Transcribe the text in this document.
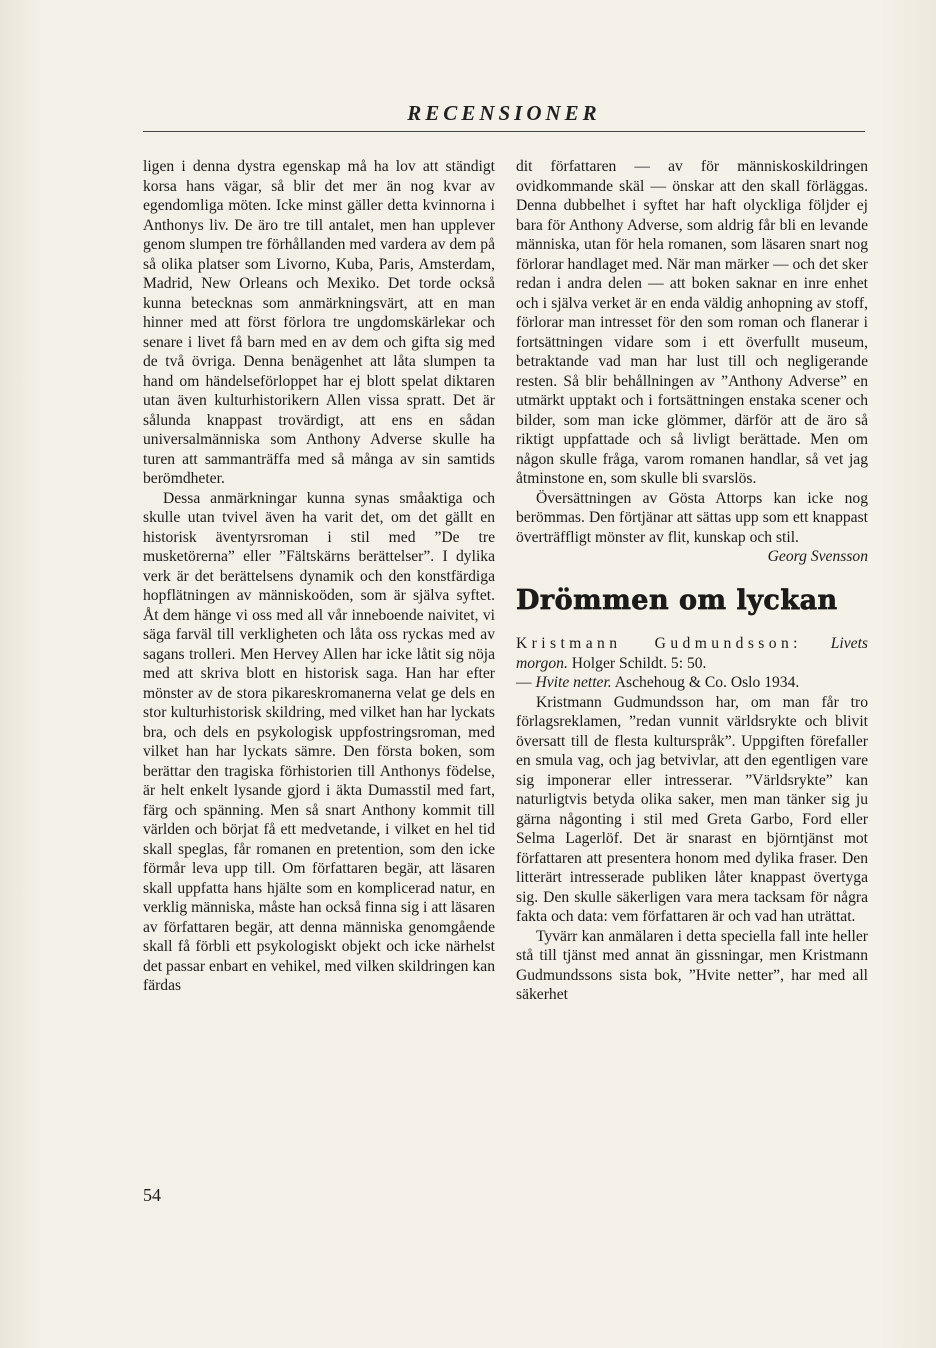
RECENSIONER

ligen i denna dystra egenskap må ha lov att ständigt korsa hans vägar, så blir det mer än nog kvar av egendomliga möten. Icke minst gäller detta kvinnorna i Anthonys liv. De äro tre till antalet, men han upplever genom slumpen tre förhållanden med vardera av dem på så olika platser som Livorno, Kuba, Paris, Amsterdam, Madrid, New Orleans och Mexiko. Det torde också kunna betecknas som anmärkningsvärt, att en man hinner med att först förlora tre ungdomskärlekar och senare i livet få barn med en av dem och gifta sig med de två övriga. Denna benägenhet att låta slumpen ta hand om händelseförloppet har ej blott spelat diktaren utan även kulturhistorikern Allen vissa spratt. Det är sålunda knappast trovärdigt, att ens en sådan universalmänniska som Anthony Adverse skulle ha turen att sammanträffa med så många av sin samtids berömdheter.

Dessa anmärkningar kunna synas småaktiga och skulle utan tvivel även ha varit det, om det gällt en historisk äventyrsroman i stil med ”De tre musketörerna” eller ”Fältskärns berättelser”. I dylika verk är det berättelsens dynamik och den konstfärdiga hopflätningen av människoöden, som är själva syftet. Åt dem hänge vi oss med all vår inneboende naivitet, vi säga farväl till verkligheten och låta oss ryckas med av sagans trolleri. Men Hervey Allen har icke låtit sig nöja med att skriva blott en historisk saga. Han har efter mönster av de stora pikareskromanerna velat ge dels en stor kulturhistorisk skildring, med vilket han har lyckats bra, och dels en psykologisk uppfostringsroman, med vilket han har lyckats sämre. Den första boken, som berättar den tragiska förhistorien till Anthonys födelse, är helt enkelt lysande gjord i äkta Dumasstil med fart, färg och spänning. Men så snart Anthony kommit till världen och börjat få ett medvetande, i vilket en hel tid skall speglas, får romanen en pretention, som den icke förmår leva upp till. Om författaren begär, att läsaren skall uppfatta hans hjälte som en komplicerad natur, en verklig människa, måste han också finna sig i att läsaren av författaren begär, att denna människa genomgående skall få förbli ett psykologiskt objekt och icke närhelst det passar enbart en vehikel, med vilken skildringen kan färdas

dit författaren — av för människoskildringen ovidkommande skäl — önskar att den skall förläggas. Denna dubbelhet i syftet har haft olyckliga följder ej bara för Anthony Adverse, som aldrig får bli en levande människa, utan för hela romanen, som läsaren snart nog förlorar handlaget med. När man märker — och det sker redan i andra delen — att boken saknar en inre enhet och i själva verket är en enda väldig anhopning av stoff, förlorar man intresset för den som roman och flanerar i fortsättningen vidare som i ett överfullt museum, betraktande vad man har lust till och negligerande resten. Så blir behållningen av ”Anthony Adverse” en utmärkt upptakt och i fortsättningen enstaka scener och bilder, som man icke glömmer, därför att de äro så riktigt uppfattade och så livligt berättade. Men om någon skulle fråga, varom romanen handlar, så vet jag åtminstone en, som skulle bli svarslös.

Översättningen av Gösta Attorps kan icke nog berömmas. Den förtjänar att sättas upp som ett knappast överträffligt mönster av flit, kunskap och stil.
Georg Svensson

Drömmen om lyckan

Kristmann Gudmundsson: Livets morgon. Holger Schildt. 5: 50.
— Hvite netter. Aschehoug & Co. Oslo 1934.

Kristmann Gudmundsson har, om man får tro förlagsreklamen, ”redan vunnit världsrykte och blivit översatt till de flesta kulturspråk”. Uppgiften förefaller en smula vag, och jag betvivlar, att den egentligen vare sig imponerar eller intresserar. ”Världsrykte” kan naturligtvis betyda olika saker, men man tänker sig ju gärna någonting i stil med Greta Garbo, Ford eller Selma Lagerlöf. Det är snarast en björntjänst mot författaren att presentera honom med dylika fraser. Den litterärt intresserade publiken låter knappast övertyga sig. Den skulle säkerligen vara mera tacksam för några fakta och data: vem författaren är och vad han uträttat.

Tyvärr kan anmälaren i detta speciella fall inte heller stå till tjänst med annat än gissningar, men Kristmann Gudmundssons sista bok, ”Hvite netter”, har med all säkerhet

54
